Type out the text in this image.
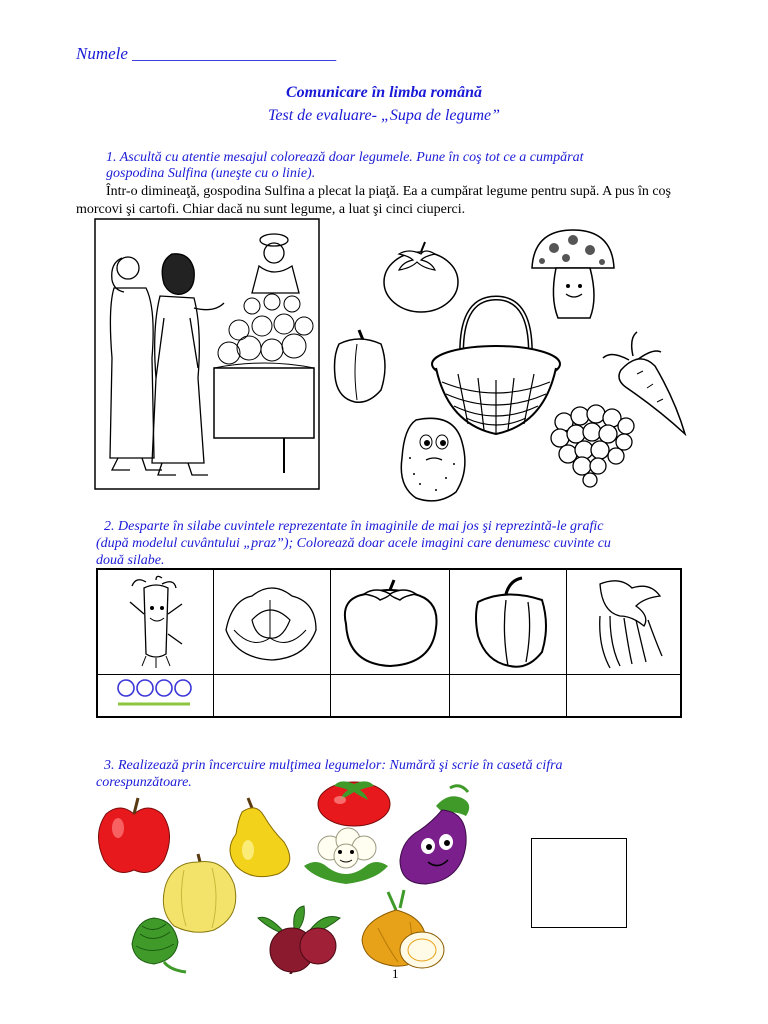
Numele ________________________
Comunicare în limba română
Test de evaluare- „Supa de legume”
1. Ascultă cu atentie mesajul colorează doar legumele. Pune în coş tot ce a cumpărat
gospodina Sulfina (uneşte cu o linie).
Într-o dimineaţă, gospodina Sulfina a plecat la piaţă. Ea a cumpărat legume pentru supă. A pus în coş morcovi şi cartofi. Chiar dacă nu sunt legume, a luat şi cinci ciuperci.
2. Desparte în silabe cuvintele reprezentate în imaginile de mai jos şi reprezintă-le grafic
(după modelul cuvântului „praz”); Colorează doar acele imagini care denumesc cuvinte cu
două silabe.
3. Realizează prin încercuire mulţimea legumelor: Numără şi scrie în casetă cifra
corespunzătoare.
1
